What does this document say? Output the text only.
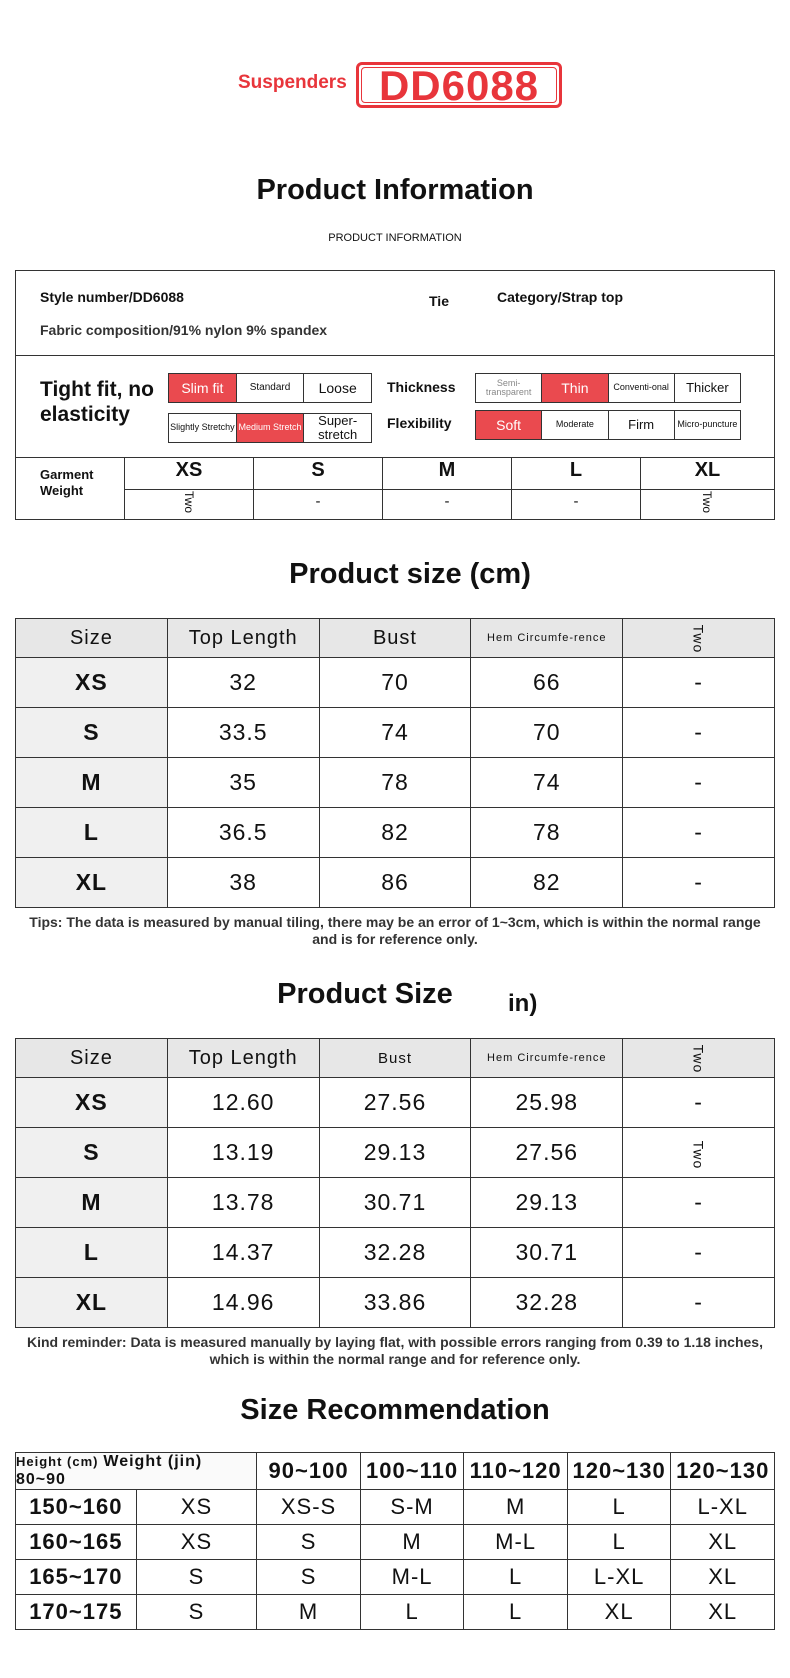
Suspenders DD6088
Product Information
PRODUCT INFORMATION
Style number/DD6088	Tie	Category/Strap top
Fabric composition/91% nylon 9% spandex
Tight fit, no elasticity
Slim fit	Standard	Loose
Slightly Stretchy Medium Stretch	Super-stretch
Thickness	Semi-transparent	Thin	Conventi-onal	Thicker
Flexibility	Soft	Moderate	Firm	Micro-puncture
Garment Weight
XS	S	M	L	XL
Two	-	-	-	Two
Product size (cm)
Size	Top Length	Bust	Hem Circumfe-rence	Two
XS	32	70	66	-
S	33.5	74	70	-
M	35	78	74	-
L	36.5	82	78	-
XL	38	86	82	-
Tips: The data is measured by manual tiling, there may be an error of 1~3cm, which is within the normal range and is for reference only.
Product Size	in)
Size	Top Length	Bust	Hem Circumfe-rence	Two
XS	12.60	27.56	25.98	-
S	13.19	29.13	27.56	Two
M	13.78	30.71	29.13	-
L	14.37	32.28	30.71	-
XL	14.96	33.86	32.28	-
Kind reminder: Data is measured manually by laying flat, with possible errors ranging from 0.39 to 1.18 inches, which is within the normal range and for reference only.
Size Recommendation
Height (cm) Weight (jin) 80~90		90~100	100~110	110~120	120~130	120~130
150~160	XS	XS-S	S-M	M	L	L-XL
160~165	XS	S	M	M-L	L	XL
165~170	S	S	M-L	L	L-XL	XL
170~175	S	M	L	L	XL	XL
